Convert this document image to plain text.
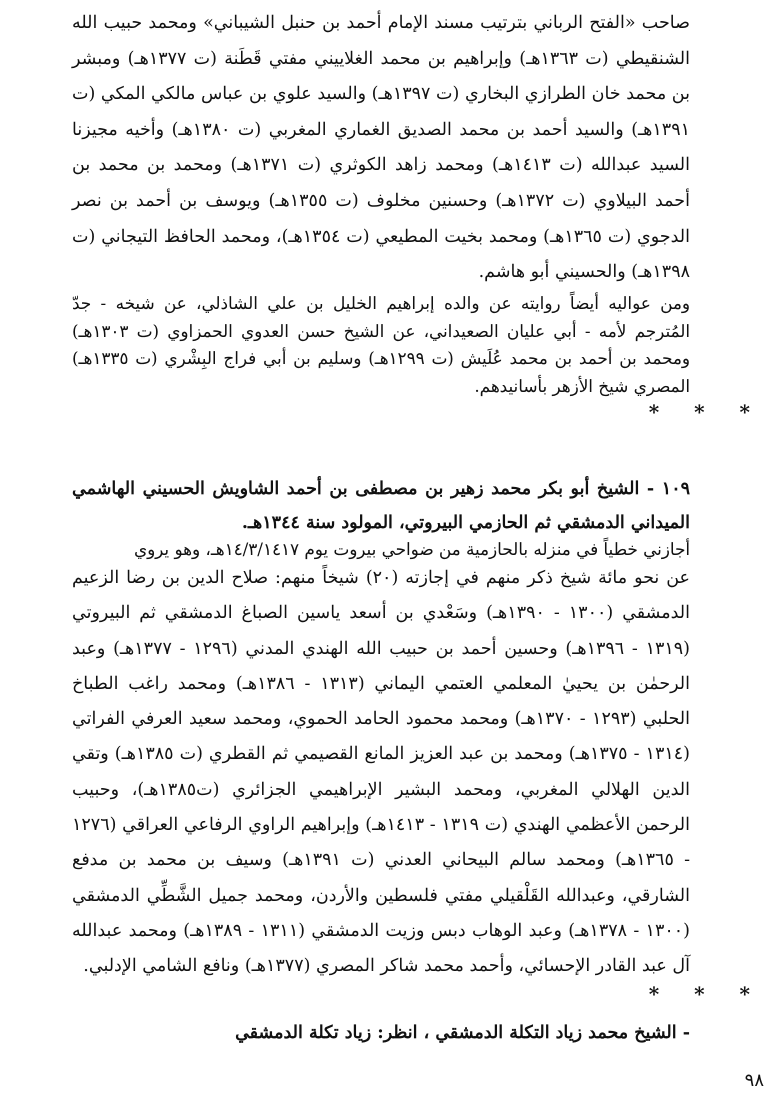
صاحب «الفتح الرباني بترتيب مسند الإمام أحمد بن حنبل الشيباني» ومحمد حبيب الله الشنقيطي (ت ١٣٦٣هـ) وإبراهيم بن محمد الغلاييني مفتي قَطَنة (ت ١٣٧٧هـ) ومبشر بن محمد خان الطرازي البخاري (ت ١٣٩٧هـ) والسيد علوي بن عباس مالكي المكي (ت ١٣٩١هـ) والسيد أحمد بن محمد الصديق الغماري المغربي (ت ١٣٨٠هـ) وأخيه مجيزنا السيد عبدالله (ت ١٤١٣هـ) ومحمد زاهد الكوثري (ت ١٣٧١هـ) ومحمد بن محمد بن أحمد البيلاوي (ت ١٣٧٢هـ) وحسنين مخلوف (ت ١٣٥٥هـ) ويوسف بن أحمد بن نصر الدجوي (ت ١٣٦٥هـ) ومحمد بخيت المطيعي (ت ١٣٥٤هـ)، ومحمد الحافظ التيجاني (ت ١٣٩٨هـ) والحسيني أبو هاشم.

ومن عواليه أيضاً روايته عن والده إبراهيم الخليل بن علي الشاذلي، عن شيخه - جدّ المُترجم لأمه - أبي عليان الصعيداني، عن الشيخ حسن العدوي الحمزاوي (ت ١٣٠٣هـ) ومحمد بن أحمد بن محمد عُلَيش (ت ١٢٩٩هـ) وسليم بن أبي فراج البِشْري (ت ١٣٣٥هـ) المصري شيخ الأزهر بأسانيدهم.

* * *

١٠٩ - الشيخ أبو بكر محمد زهير بن مصطفى بن أحمد الشاويش الحسيني الهاشمي الميداني الدمشقي ثم الحازمي البيروتي، المولود سنة ١٣٤٤هـ.

أجازني خطياً في منزله بالحازمية من ضواحي بيروت يوم ١٤/٣/١٤١٧هـ، وهو يروي

عن نحو مائة شيخ ذكر منهم في إجازته (٢٠) شيخاً منهم: صلاح الدين بن رضا الزعيم الدمشقي (١٣٠٠ - ١٣٩٠هـ) وسَعْدي بن أسعد ياسين الصباغ الدمشقي ثم البيروتي (١٣١٩ - ١٣٩٦هـ) وحسين أحمد بن حبيب الله الهندي المدني (١٢٩٦ - ١٣٧٧هـ) وعبد الرحمٰن بن يحييٰ المعلمي العتمي اليماني (١٣١٣ - ١٣٨٦هـ) ومحمد راغب الطباخ الحلبي (١٢٩٣ - ١٣٧٠هـ) ومحمد محمود الحامد الحموي، ومحمد سعيد العرفي الفراتي (١٣١٤ - ١٣٧٥هـ) ومحمد بن عبد العزيز المانع القصيمي ثم القطري (ت ١٣٨٥هـ) وتقي الدين الهلالي المغربي، ومحمد البشير الإبراهيمي الجزائري (ت١٣٨٥هـ)، وحبيب الرحمن الأعظمي الهندي (ت ١٣١٩ - ١٤١٣هـ) وإبراهيم الراوي الرفاعي العراقي (١٢٧٦ - ١٣٦٥هـ) ومحمد سالم البيحاني العدني (ت ١٣٩١هـ) وسيف بن محمد بن مدفع الشارقي، وعبدالله القَلْقيلي مفتي فلسطين والأردن، ومحمد جميل الشَّطِّي الدمشقي (١٣٠٠ - ١٣٧٨هـ) وعبد الوهاب دبس وزيت الدمشقي (١٣١١ - ١٣٨٩هـ) ومحمد عبدالله آل عبد القادر الإحسائي، وأحمد محمد شاكر المصري (١٣٧٧هـ) ونافع الشامي الإدلبي.

* * *

- الشيخ محمد زياد التكلة الدمشقي ، انظر: زياد تكلة الدمشقي

٩٨
